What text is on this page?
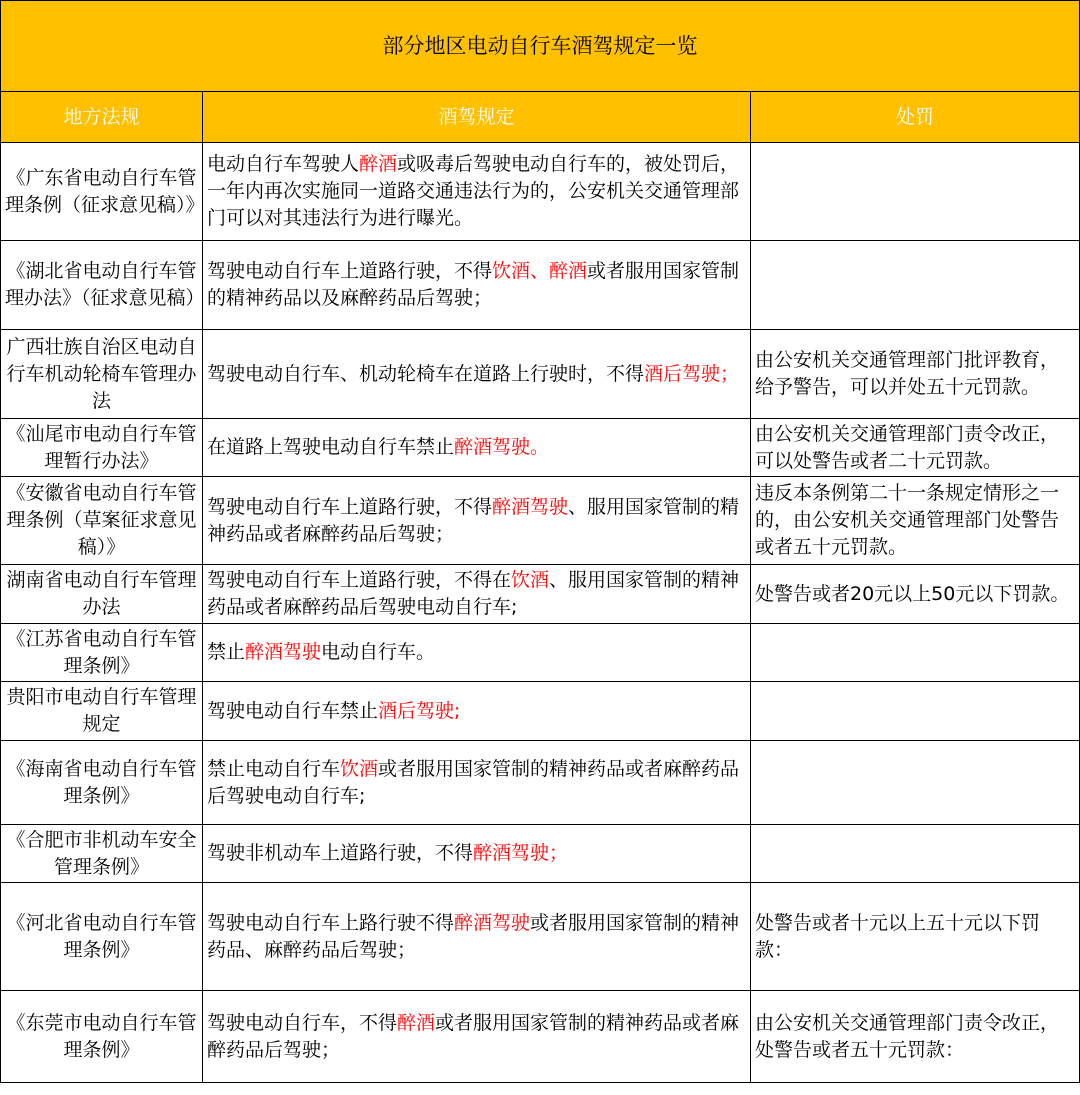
部分地区电动自行车酒驾规定一览		
地方法规	酒驾规定	处罚
《广东省电动自行车管理条例（征求意见稿）》	电动自行车驾驶人醉酒或吸毒后驾驶电动自行车的，被处罚后，一年内再次实施同一道路交通违法行为的，公安机关交通管理部门可以对其违法行为进行曝光。	
《湖北省电动自行车管理办法》（征求意见稿）	驾驶电动自行车上道路行驶，不得饮酒、醉酒或者服用国家管制的精神药品以及麻醉药品后驾驶；	
广西壮族自治区电动自行车机动轮椅车管理办法	驾驶电动自行车、机动轮椅车在道路上行驶时，不得酒后驾驶；	由公安机关交通管理部门批评教育，给予警告，可以并处五十元罚款。
《汕尾市电动自行车管理暂行办法》	在道路上驾驶电动自行车禁止醉酒驾驶。	由公安机关交通管理部门责令改正，可以处警告或者二十元罚款。
《安徽省电动自行车管理条例（草案征求意见稿）》	驾驶电动自行车上道路行驶，不得醉酒驾驶、服用国家管制的精神药品或者麻醉药品后驾驶；	违反本条例第二十一条规定情形之一的，由公安机关交通管理部门处警告或者五十元罚款。
湖南省电动自行车管理办法	驾驶电动自行车上道路行驶，不得在饮酒、服用国家管制的精神药品或者麻醉药品后驾驶电动自行车;	处警告或者20元以上50元以下罚款。
《江苏省电动自行车管理条例》	禁止醉酒驾驶电动自行车。	
贵阳市电动自行车管理规定	驾驶电动自行车禁止酒后驾驶;	
《海南省电动自行车管理条例》	禁止电动自行车饮酒或者服用国家管制的精神药品或者麻醉药品后驾驶电动自行车;	
《合肥市非机动车安全管理条例》	驾驶非机动车上道路行驶，不得醉酒驾驶；	
《河北省电动自行车管理条例》	驾驶电动自行车上路行驶不得醉酒驾驶或者服用国家管制的精神药品、麻醉药品后驾驶；	处警告或者十元以上五十元以下罚款：
《东莞市电动自行车管理条例》	驾驶电动自行车，不得醉酒或者服用国家管制的精神药品或者麻醉药品后驾驶；	由公安机关交通管理部门责令改正，处警告或者五十元罚款：
